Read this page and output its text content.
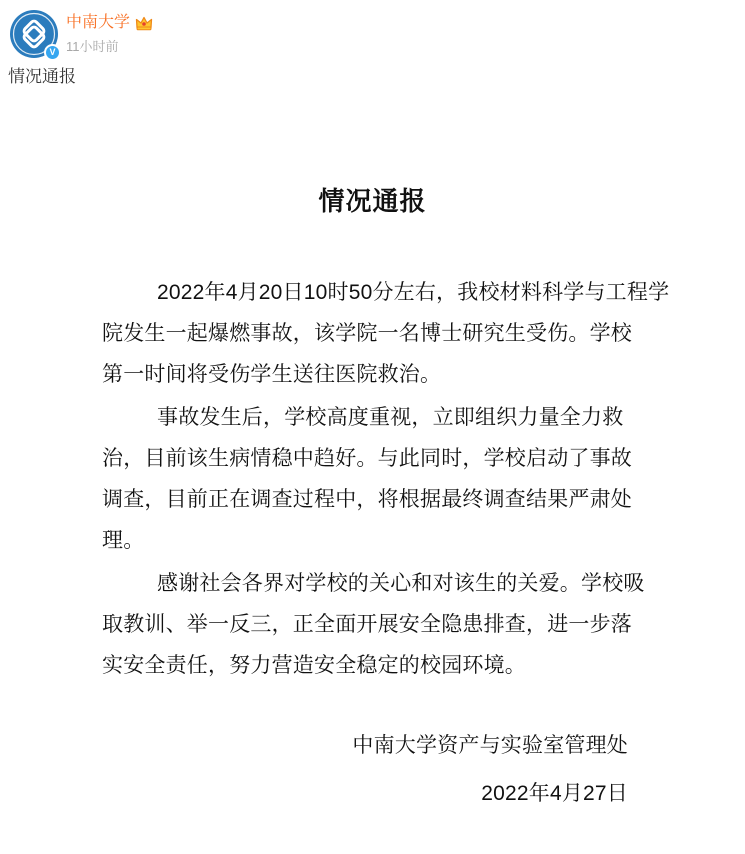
V
中南大学
11小时前
情况通报
情况通报
2022年4月20日10时50分左右，我校材料科学与工程学
院发生一起爆燃事故，该学院一名博士研究生受伤。学校
第一时间将受伤学生送往医院救治。
事故发生后，学校高度重视，立即组织力量全力救
治，目前该生病情稳中趋好。与此同时，学校启动了事故
调查，目前正在调查过程中，将根据最终调查结果严肃处
理。
感谢社会各界对学校的关心和对该生的关爱。学校吸
取教训、举一反三，正全面开展安全隐患排查，进一步落
实安全责任，努力营造安全稳定的校园环境。
中南大学资产与实验室管理处
2022年4月27日
